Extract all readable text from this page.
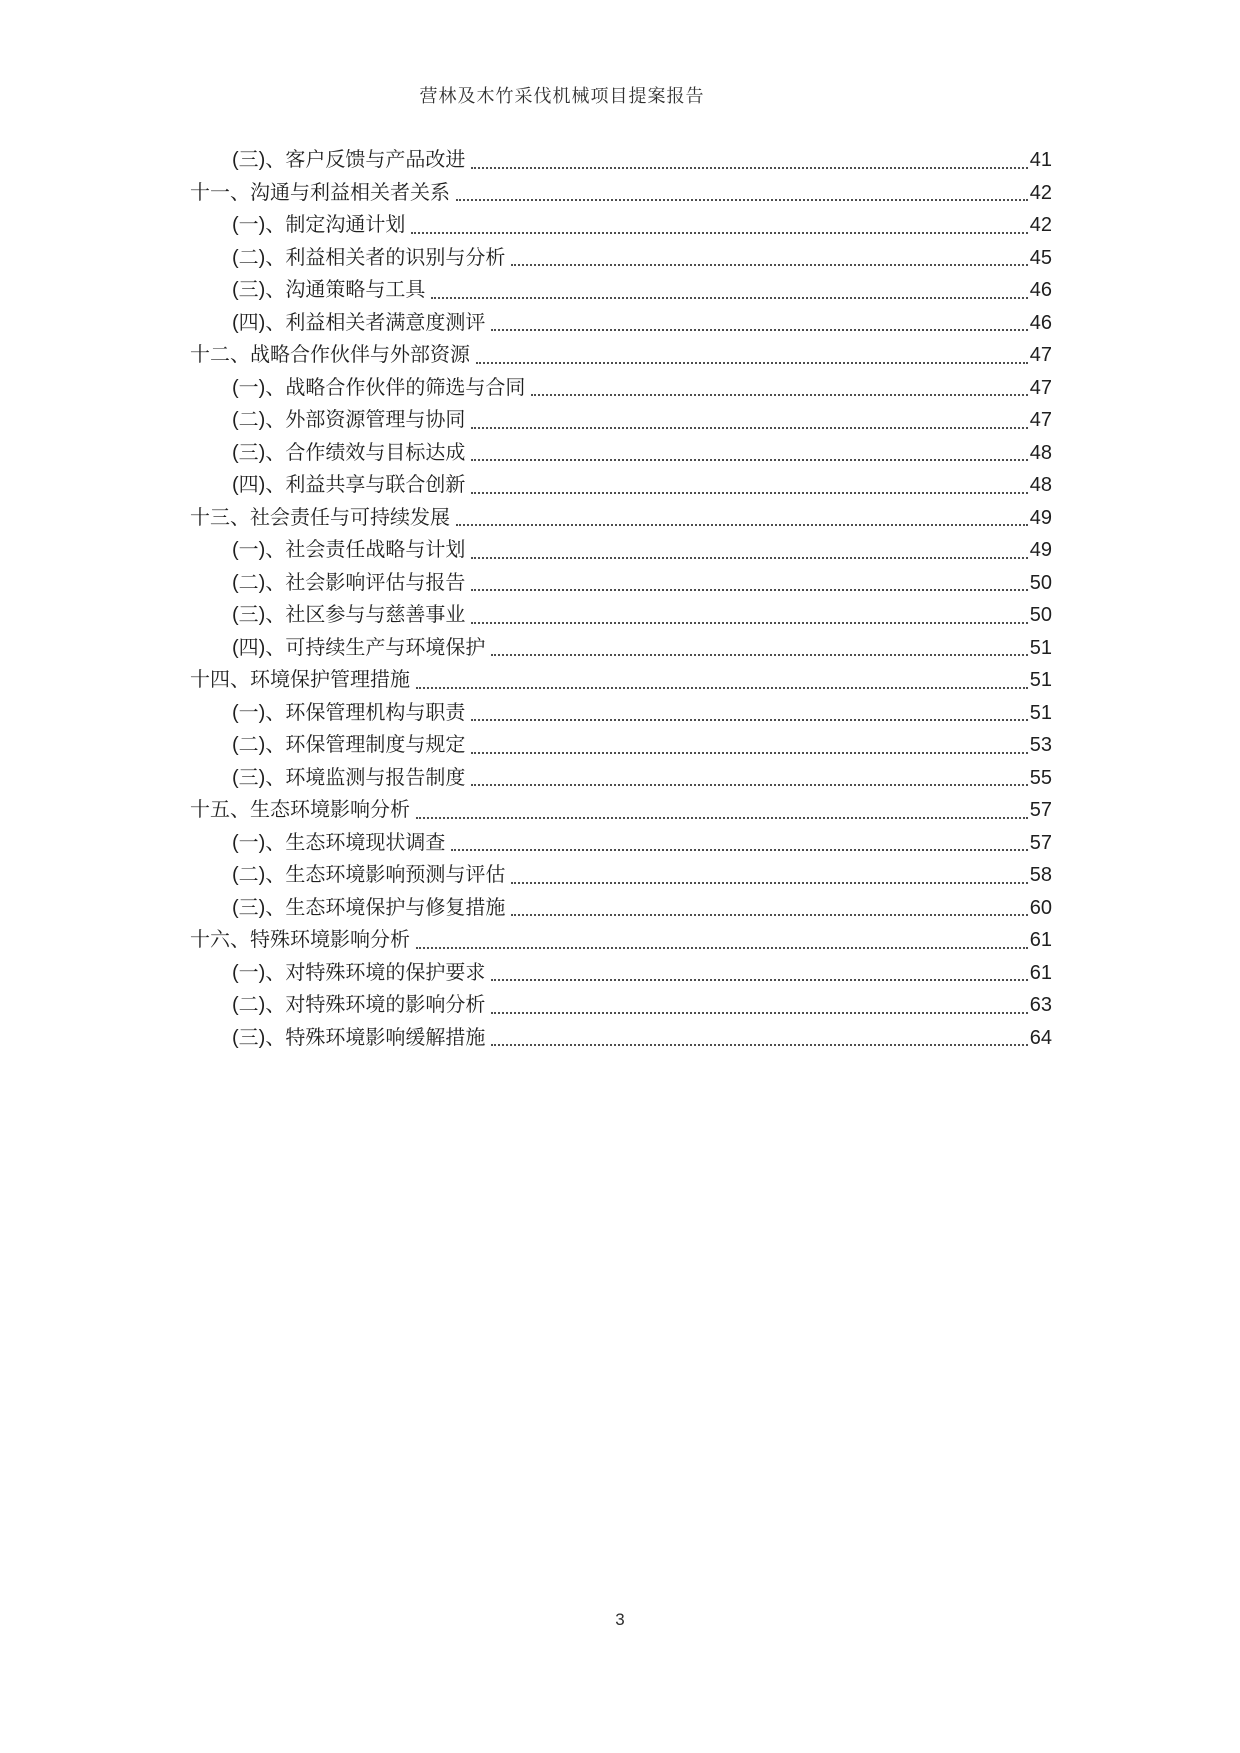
营林及木竹采伐机械项目提案报告
(三)、客户反馈与产品改进	41
十一、沟通与利益相关者关系	42
(一)、制定沟通计划	42
(二)、利益相关者的识别与分析	45
(三)、沟通策略与工具	46
(四)、利益相关者满意度测评	46
十二、战略合作伙伴与外部资源	47
(一)、战略合作伙伴的筛选与合同	47
(二)、外部资源管理与协同	47
(三)、合作绩效与目标达成	48
(四)、利益共享与联合创新	48
十三、社会责任与可持续发展	49
(一)、社会责任战略与计划	49
(二)、社会影响评估与报告	50
(三)、社区参与与慈善事业	50
(四)、可持续生产与环境保护	51
十四、环境保护管理措施	51
(一)、环保管理机构与职责	51
(二)、环保管理制度与规定	53
(三)、环境监测与报告制度	55
十五、生态环境影响分析	57
(一)、生态环境现状调查	57
(二)、生态环境影响预测与评估	58
(三)、生态环境保护与修复措施	60
十六、特殊环境影响分析	61
(一)、对特殊环境的保护要求	61
(二)、对特殊环境的影响分析	63
(三)、特殊环境影响缓解措施	64
3
